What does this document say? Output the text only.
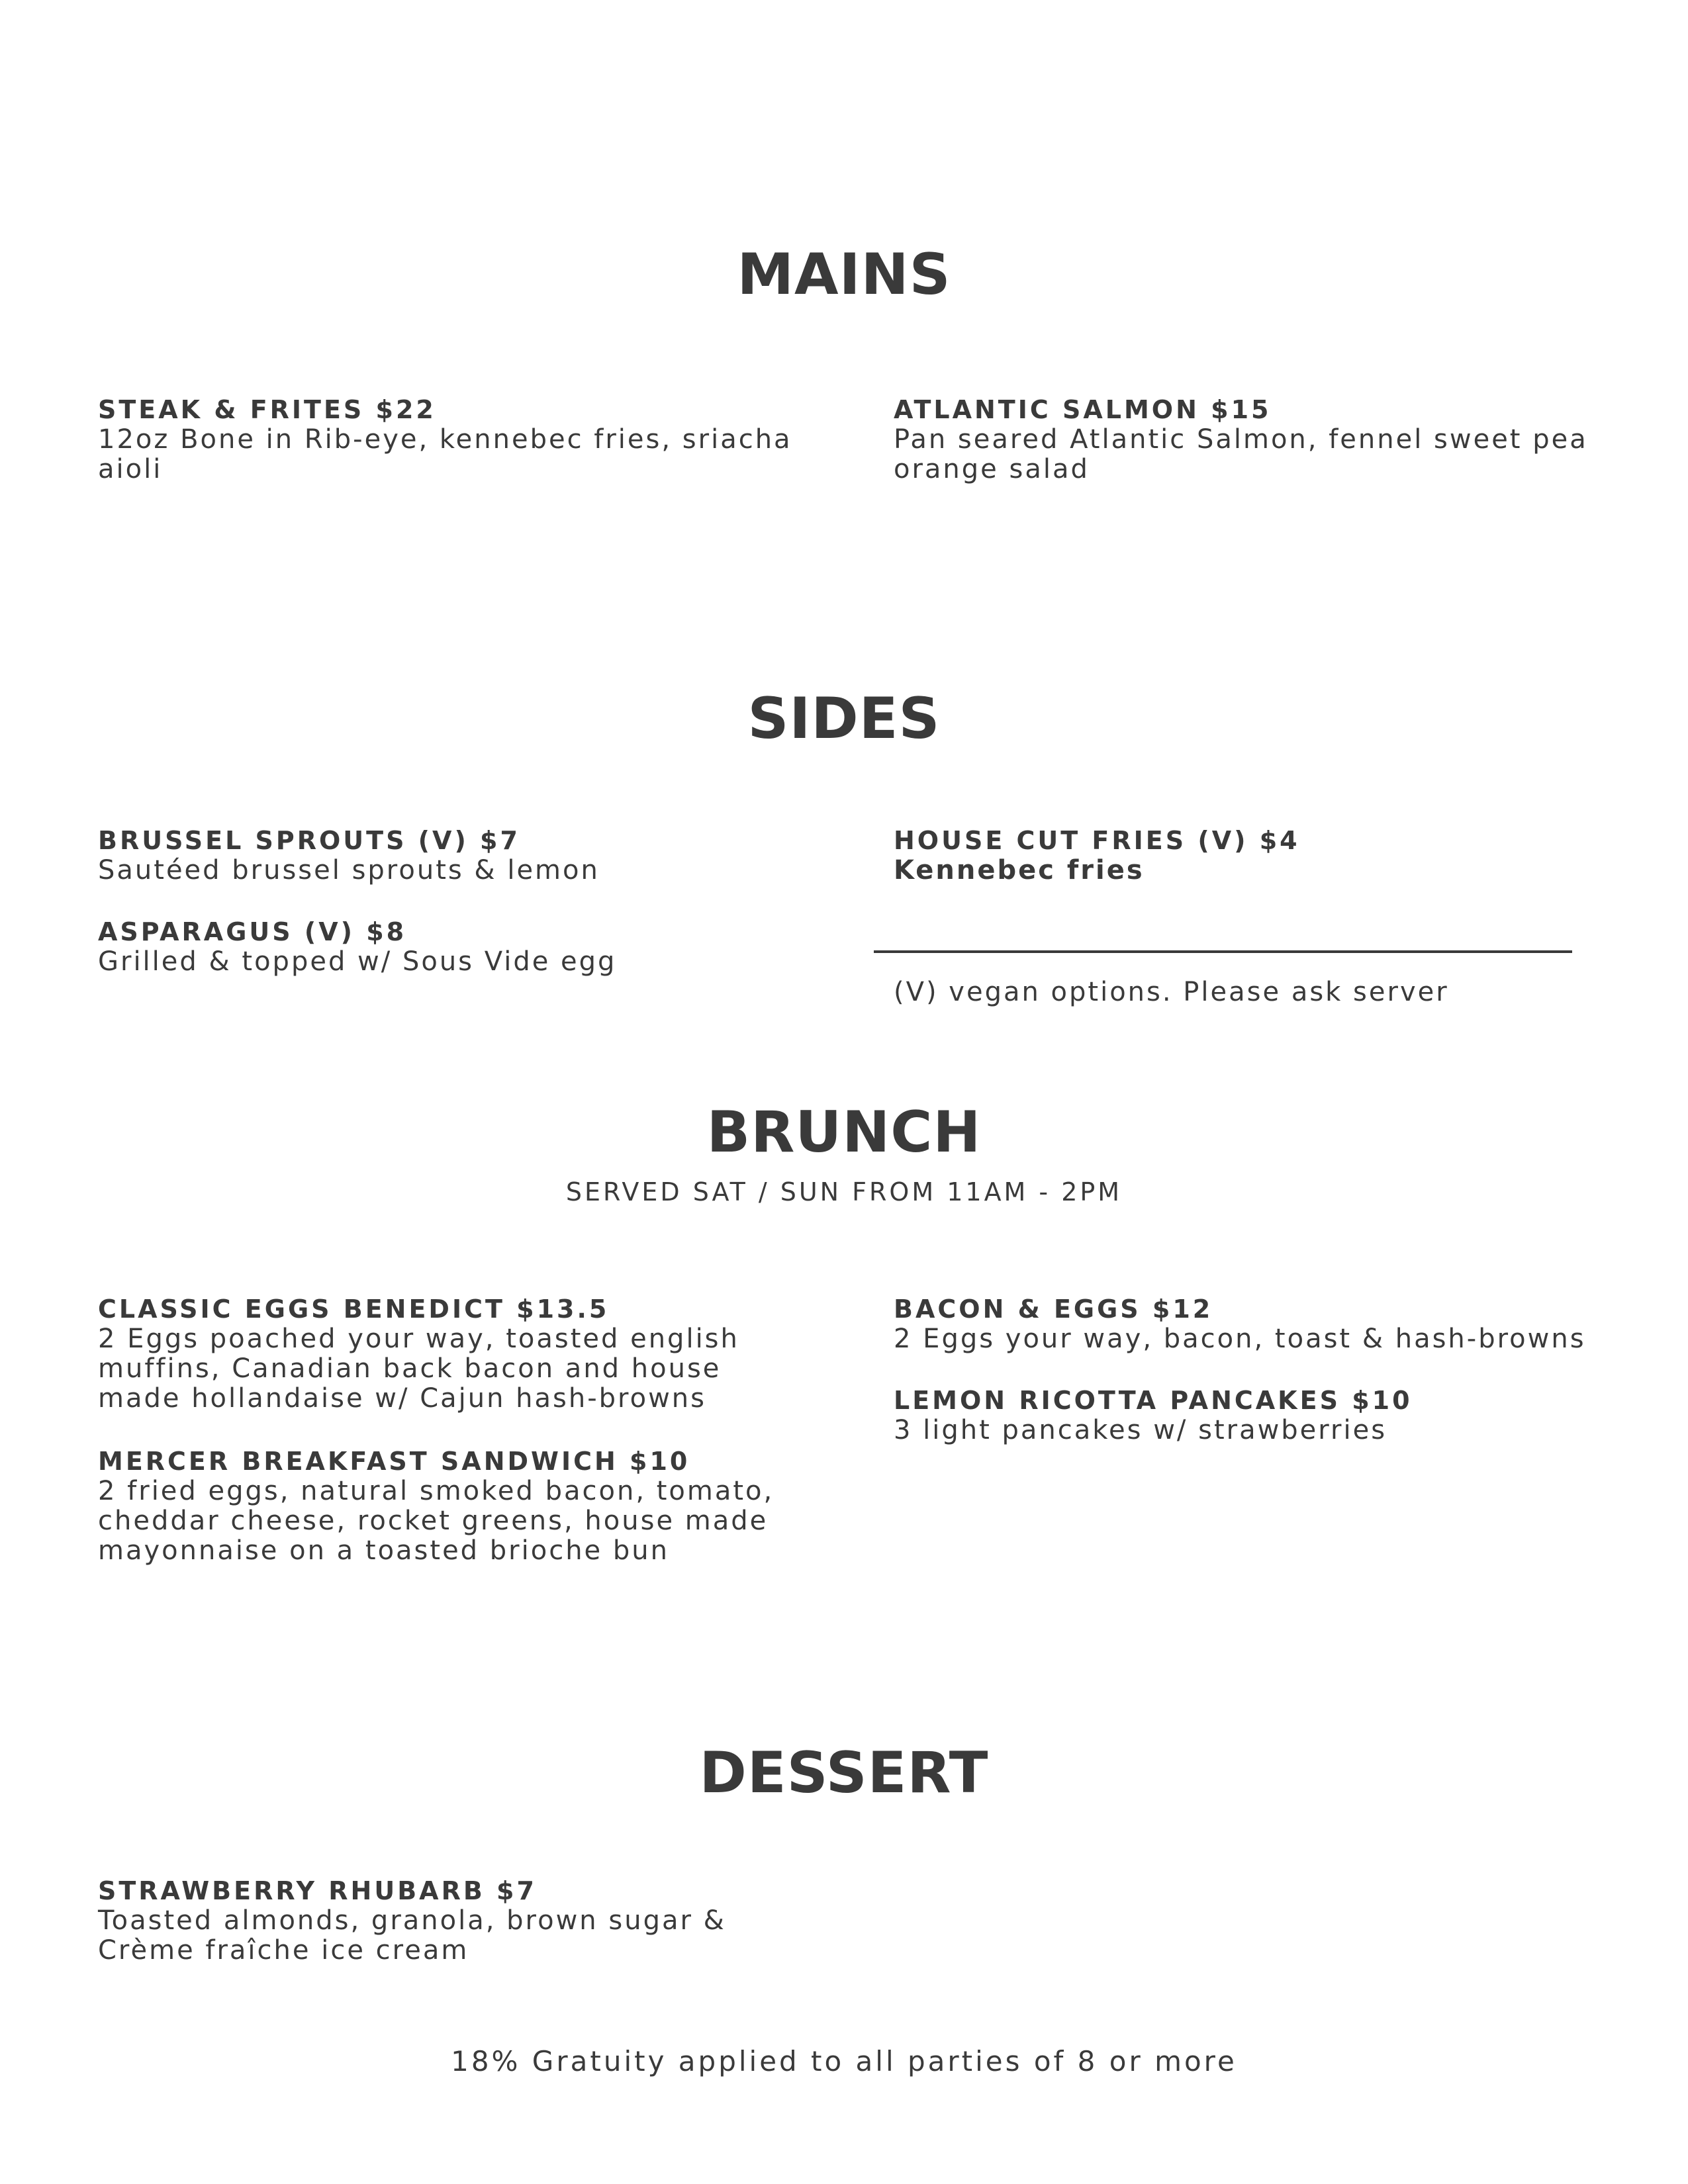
MAINS
STEAK & FRITES $22
12oz Bone in Rib-eye, kennebec fries, sriacha aioli
ATLANTIC SALMON $15
Pan seared Atlantic Salmon, fennel sweet pea orange salad
SIDES
BRUSSEL SPROUTS (V) $7
Sautéed brussel sprouts & lemon
ASPARAGUS (V) $8
Grilled & topped w/ Sous Vide egg
HOUSE CUT FRIES (V) $4
Kennebec fries
(V) vegan options. Please ask server
BRUNCH
SERVED SAT / SUN FROM 11AM - 2PM
CLASSIC EGGS BENEDICT $13.5
2 Eggs poached your way, toasted english muffins, Canadian back bacon and house made hollandaise w/ Cajun hash-browns
MERCER BREAKFAST SANDWICH $10
2 fried eggs, natural smoked bacon, tomato, cheddar cheese, rocket greens, house made mayonnaise on a toasted brioche bun
BACON & EGGS $12
2 Eggs your way, bacon, toast & hash-browns
LEMON RICOTTA PANCAKES $10
3 light pancakes w/ strawberries
DESSERT
STRAWBERRY RHUBARB $7
Toasted almonds, granola, brown sugar & Crème fraîche ice cream
18% Gratuity applied to all parties of 8 or more
